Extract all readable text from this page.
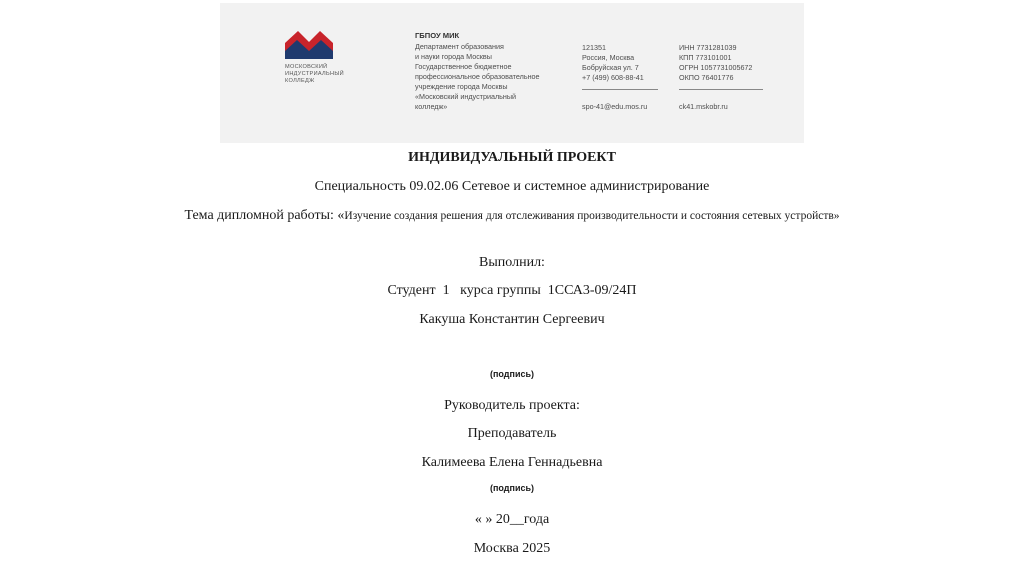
МОСКОВСКИЙ ИНДУСТРИАЛЬНЫЙ КОЛЛЕДЖ
ГБПОУ МИК
Департамент образования
и науки города Москвы
Государственное бюджетное
профессиональное образовательное
учреждение города Москвы
«Московский индустриальный
колледж»
121351
Россия, Москва
Бобруйская ул. 7
+7 (499) 608-88-41
spo-41@edu.mos.ru
ИНН 7731281039
КПП 773101001
ОГРН 1057731005672
ОКПО 76401776
ck41.mskobr.ru
ИНДИВИДУАЛЬНЫЙ ПРОЕКТ
Специальность 09.02.06 Сетевое и системное администрирование
Тема дипломной работы: «Изучение создания решения для отслеживания производительности и состояния сетевых устройств»
Выполнил:
Студент  1   курса группы  1ССА3-09/24П
Какуша Константин Сергеевич
(подпись)
Руководитель проекта:
Преподаватель
Калимеева Елена Геннадьевна
(подпись)
« » 20__года
Москва 2025
